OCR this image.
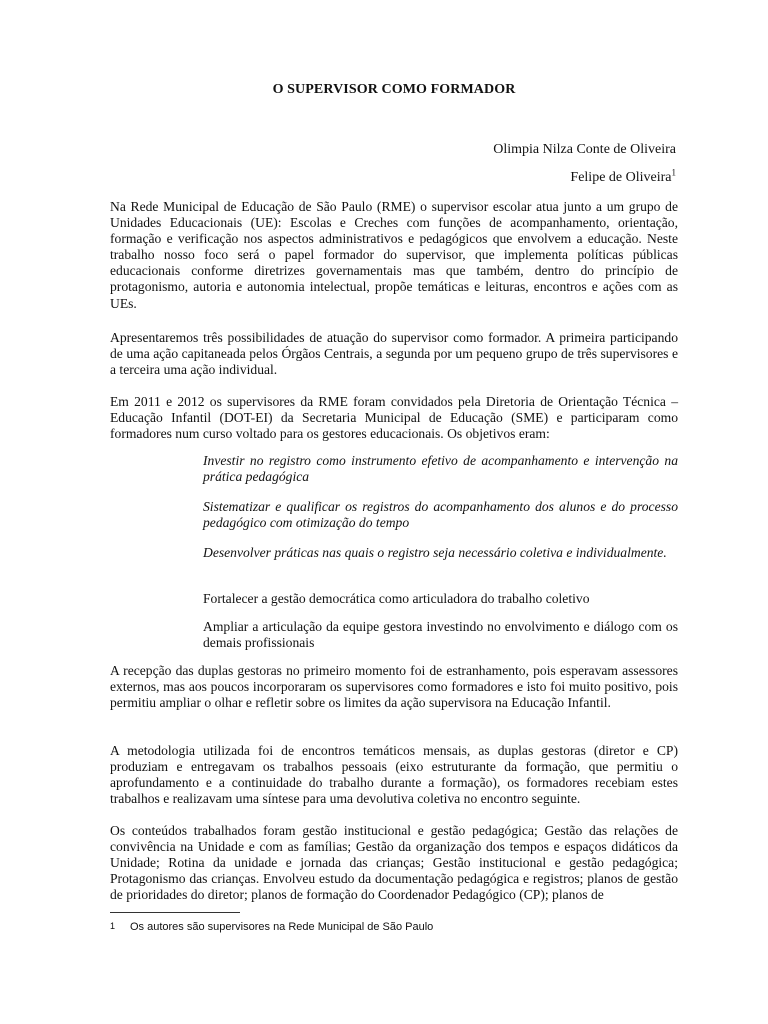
O SUPERVISOR COMO FORMADOR
Olimpia Nilza Conte de Oliveira
Felipe de Oliveira$^1$

Na Rede Municipal de Educação de São Paulo (RME) o supervisor escolar atua junto a um grupo de Unidades Educacionais (UE): Escolas e Creches com funções de acompanhamento, orientação, formação e verificação nos aspectos administrativos e pedagógicos que envolvem a educação. Neste trabalho nosso foco será o papel formador do supervisor, que implementa políticas públicas educacionais conforme diretrizes governamentais mas que também, dentro do princípio de protagonismo, autoria e autonomia intelectual, propõe temáticas e leituras, encontros e ações com as UEs.

Apresentaremos três possibilidades de atuação do supervisor como formador. A primeira participando de uma ação capitaneada pelos Órgãos Centrais, a segunda por um pequeno grupo de três supervisores e a terceira uma ação individual.

Em 2011 e 2012 os supervisores da RME foram convidados pela Diretoria de Orientação Técnica – Educação Infantil (DOT-EI) da Secretaria Municipal de Educação (SME) e participaram como formadores num curso voltado para os gestores educacionais. Os objetivos eram:

Investir no registro como instrumento efetivo de acompanhamento e intervenção na prática pedagógica

Sistematizar e qualificar os registros do acompanhamento dos alunos e do processo pedagógico com otimização do tempo

Desenvolver práticas nas quais o registro seja necessário coletiva e individualmente.

Fortalecer a gestão democrática como articuladora do trabalho coletivo

Ampliar a articulação da equipe gestora investindo no envolvimento e diálogo com os demais profissionais

A recepção das duplas gestoras no primeiro momento foi de estranhamento, pois esperavam assessores externos, mas aos poucos incorporaram os supervisores como formadores e isto foi muito positivo, pois permitiu ampliar o olhar e refletir sobre os limites da ação supervisora na Educação Infantil.

A metodologia utilizada foi de encontros temáticos mensais, as duplas gestoras (diretor e CP) produziam e entregavam os trabalhos pessoais (eixo estruturante da formação, que permitiu o aprofundamento e a continuidade do trabalho durante a formação), os formadores recebiam estes trabalhos e realizavam uma síntese para uma devolutiva coletiva no encontro seguinte.

Os conteúdos trabalhados foram gestão institucional e gestão pedagógica; Gestão das relações de convivência na Unidade e com as famílias; Gestão da organização dos tempos e espaços didáticos da Unidade; Rotina da unidade e jornada das crianças; Gestão institucional e gestão pedagógica; Protagonismo das crianças. Envolveu estudo da documentação pedagógica e registros; planos de gestão de prioridades do diretor; planos de formação do Coordenador Pedagógico (CP); planos de

1 Os autores são supervisores na Rede Municipal de São Paulo
